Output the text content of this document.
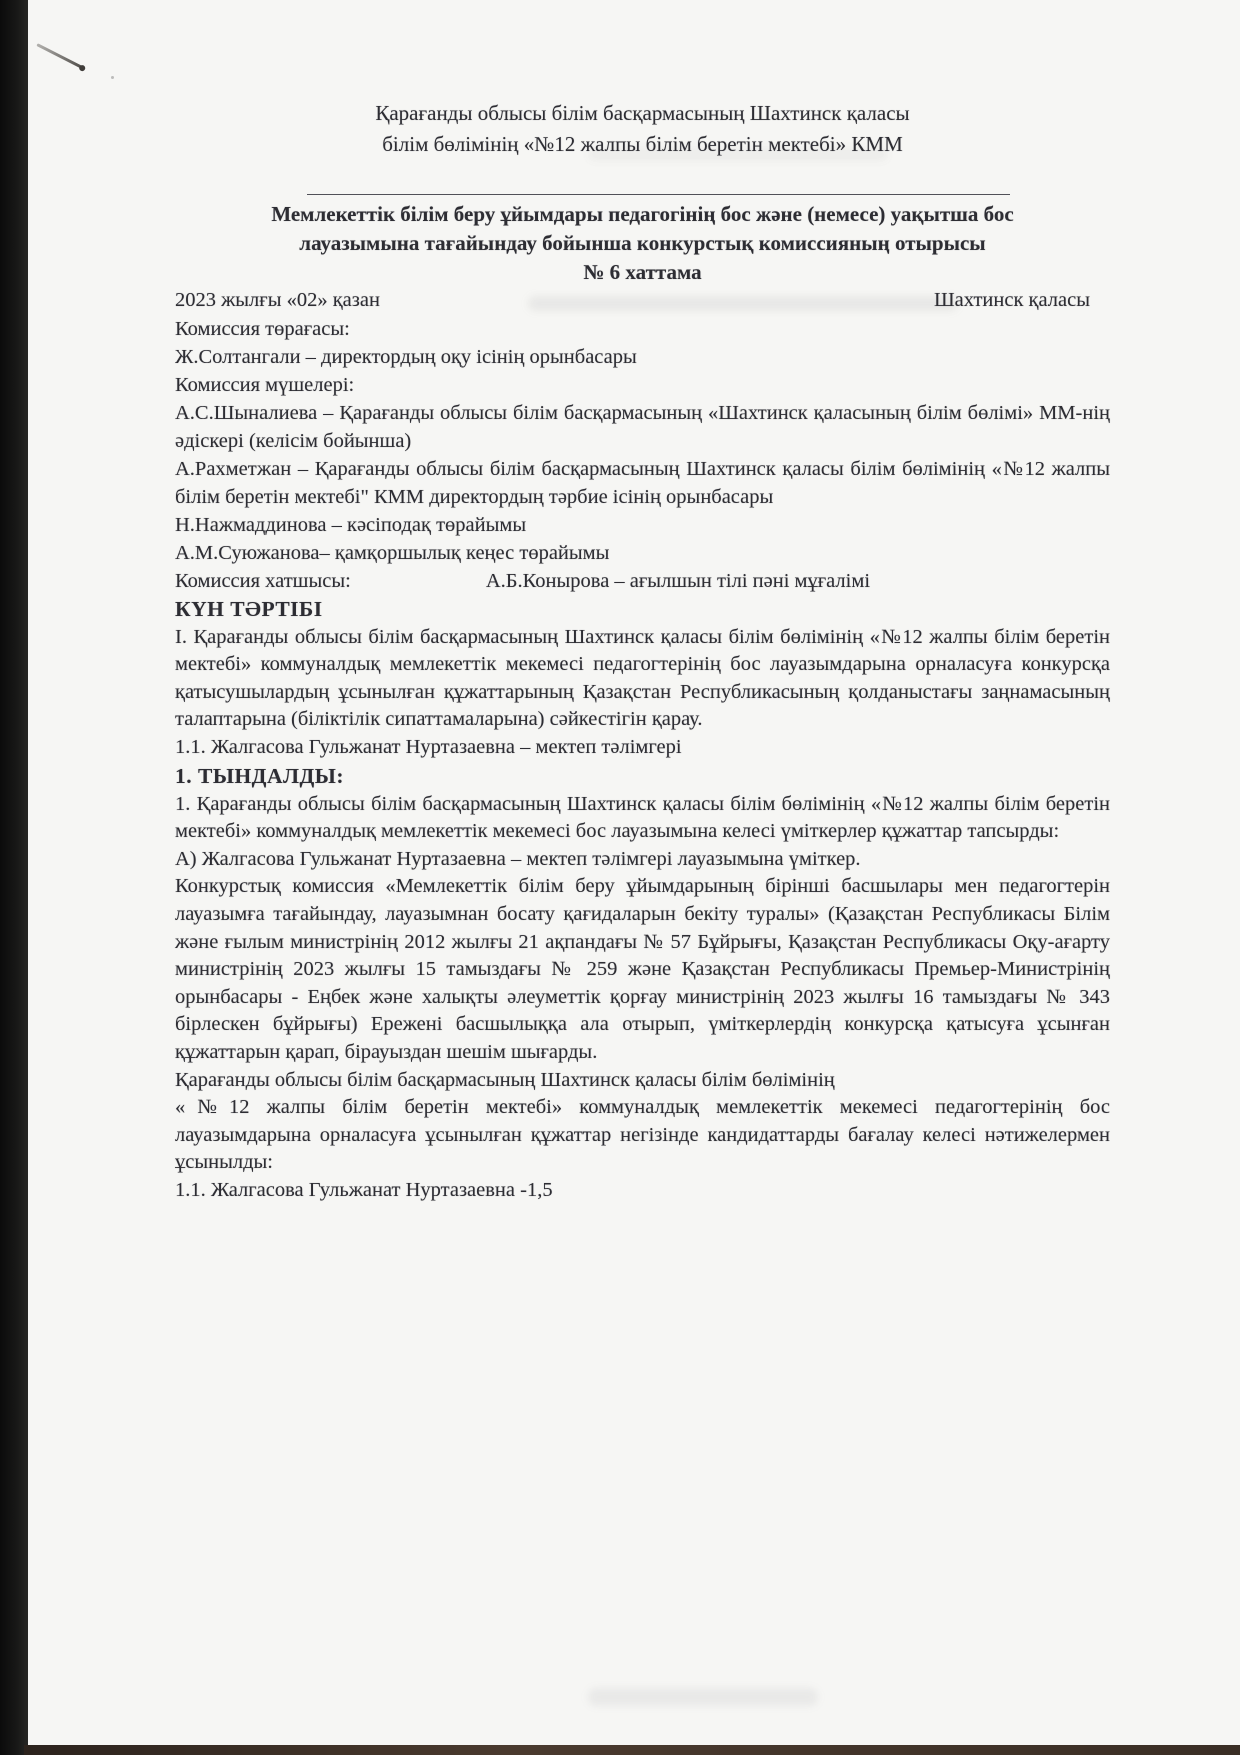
Қарағанды облысы білім басқармасының Шахтинск қаласы
білім бөлімінің «№12 жалпы білім беретін мектебі» КММ
Мемлекеттік білім беру ұйымдары педагогінің бос және (немесе) уақытша бос
лауазымына тағайындау бойынша конкурстық комиссияның отырысы
№ 6 хаттама
2023 жылғы «02» қазан	Шахтинск қаласы
Комиссия төрағасы:
Ж.Солтангали – директордың оқу ісінің орынбасары
Комиссия мүшелері:
А.С.Шыналиева – Қарағанды облысы білім басқармасының «Шахтинск қаласының білім бөлімі» ММ-нің әдіскері (келісім бойынша)
А.Рахметжан – Қарағанды облысы білім басқармасының Шахтинск қаласы білім бөлімінің «№12 жалпы білім беретін мектебі" КММ директордың тәрбие ісінің орынбасары
Н.Нажмаддинова – кәсіподақ төрайымы
А.М.Суюжанова– қамқоршылық кеңес төрайымы
Комиссия хатшысы:	А.Б.Конырова – ағылшын тілі пәні мұғалімі
КҮН ТӘРТІБІ

I. Қарағанды облысы білім басқармасының Шахтинск қаласы білім бөлімінің «№12 жалпы білім беретін мектебі» коммуналдық мемлекеттік мекемесі педагогтерінің бос лауазымдарына орналасуға конкурсқа қатысушылардың ұсынылған құжаттарының Қазақстан Республикасының қолданыстағы заңнамасының талаптарына (біліктілік сипаттамаларына) сәйкестігін қарау.

1.1. Жалгасова Гульжанат Нуртазаевна – мектеп тәлімгері

1. ТЫНДАЛДЫ:

1. Қарағанды облысы білім басқармасының Шахтинск қаласы білім бөлімінің «№12 жалпы білім беретін мектебі» коммуналдық мемлекеттік мекемесі бос лауазымына келесі үміткерлер құжаттар тапсырды:

А) Жалгасова Гульжанат Нуртазаевна – мектеп тәлімгері лауазымына үміткер.

Конкурстық комиссия «Мемлекеттік білім беру ұйымдарының бірінші басшылары мен педагогтерін лауазымға тағайындау, лауазымнан босату қағидаларын бекіту туралы» (Қазақстан Республикасы Білім және ғылым министрінің 2012 жылғы 21 ақпандағы № 57 Бұйрығы, Қазақстан Республикасы Оқу-ағарту министрінің 2023 жылғы 15 тамыздағы № 259 және Қазақстан Республикасы Премьер-Министрінің орынбасары - Еңбек және халықты әлеуметтік қорғау министрінің 2023 жылғы 16 тамыздағы № 343 бірлескен бұйрығы) Ережені басшылыққа ала отырып, үміткерлердің конкурсқа қатысуға ұсынған құжаттарын қарап, бірауыздан шешім шығарды.

Қарағанды облысы білім басқармасының Шахтинск қаласы білім бөлімінің

«№12 жалпы білім беретін мектебі» коммуналдық мемлекеттік мекемесі педагогтерінің бос лауазымдарына орналасуға ұсынылған құжаттар негізінде кандидаттарды бағалау келесі нәтижелермен ұсынылды:

1.1. Жалгасова Гульжанат Нуртазаевна -1,5
